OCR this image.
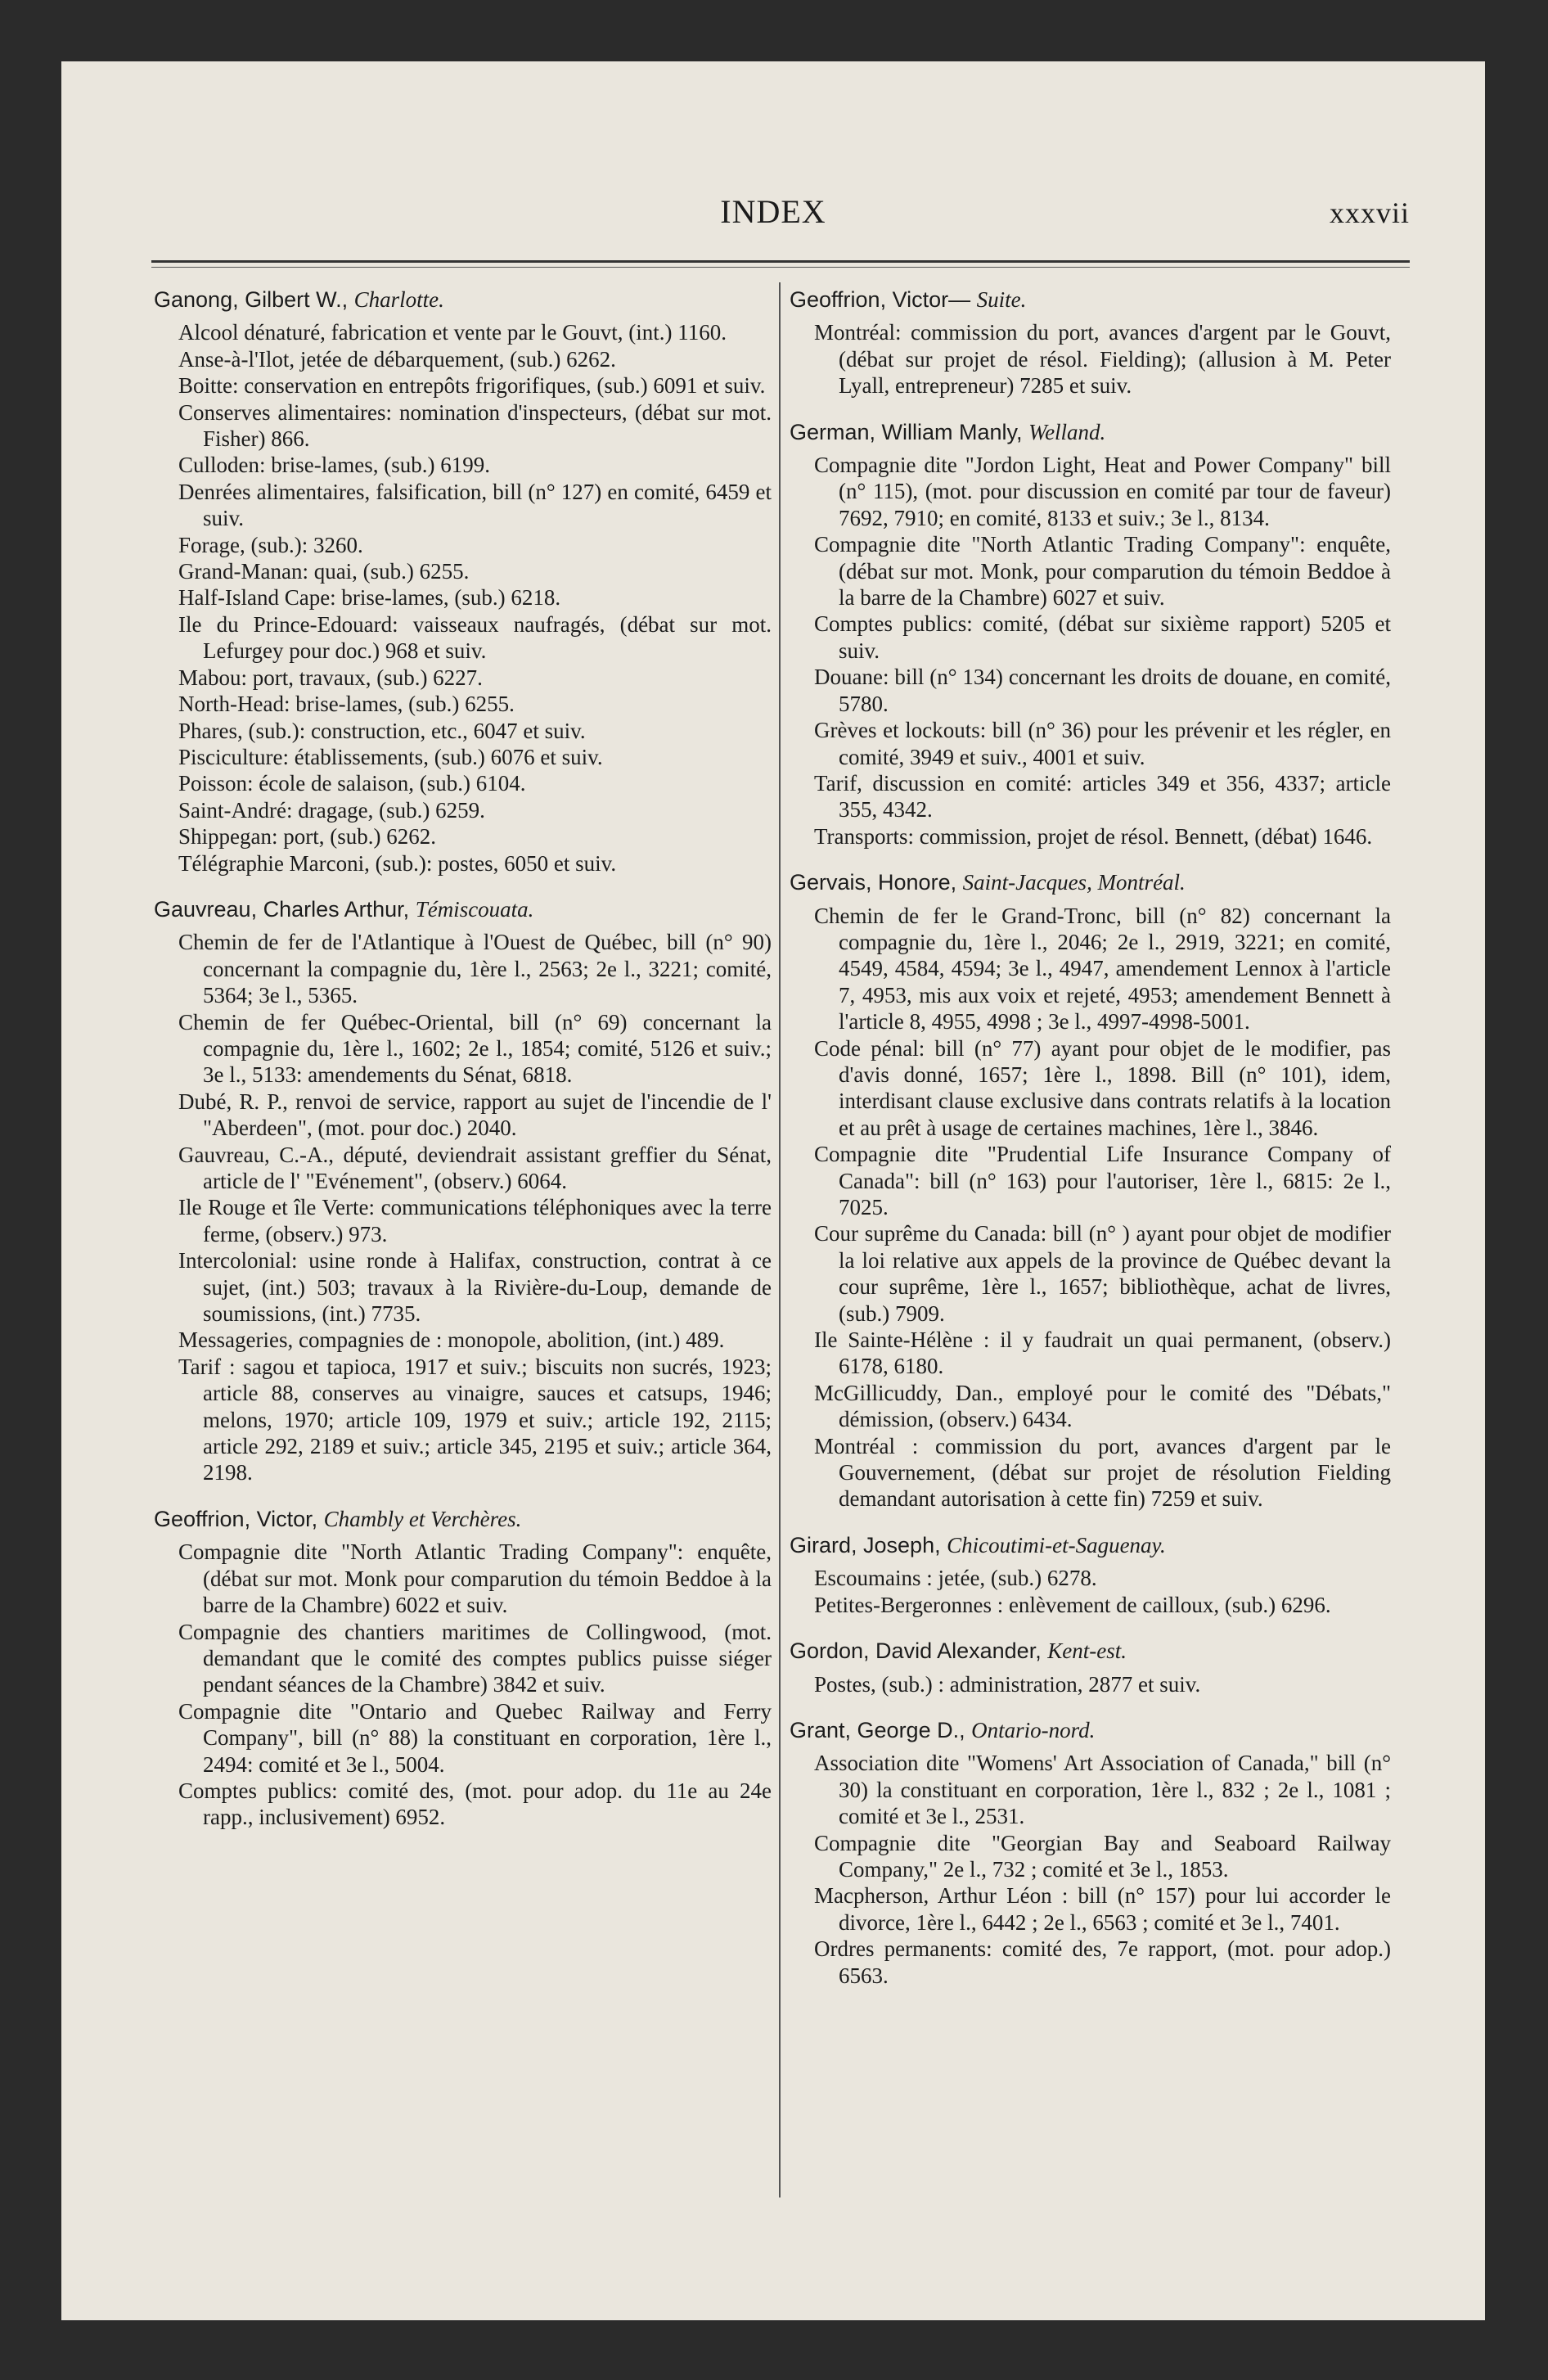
INDEX	xxxvii
Ganong, Gilbert W., Charlotte.
Alcool dénaturé, fabrication et vente par le Gouvt, (int.) 1160.
Anse-à-l'Ilot, jetée de débarquement, (sub.) 6262.
Boitte: conservation en entrepôts frigorifiques, (sub.) 6091 et suiv.
Conserves alimentaires: nomination d'inspecteurs, (débat sur mot. Fisher) 866.
Culloden: brise-lames, (sub.) 6199.
Denrées alimentaires, falsification, bill (n° 127) en comité, 6459 et suiv.
Forage, (sub.): 3260.
Grand-Manan: quai, (sub.) 6255.
Half-Island Cape: brise-lames, (sub.) 6218.
Ile du Prince-Edouard: vaisseaux naufragés, (débat sur mot. Lefurgey pour doc.) 968 et suiv.
Mabou: port, travaux, (sub.) 6227.
North-Head: brise-lames, (sub.) 6255.
Phares, (sub.): construction, etc., 6047 et suiv.
Pisciculture: établissements, (sub.) 6076 et suiv.
Poisson: école de salaison, (sub.) 6104.
Saint-André: dragage, (sub.) 6259.
Shippegan: port, (sub.) 6262.
Télégraphie Marconi, (sub.): postes, 6050 et suiv.
Gauvreau, Charles Arthur, Témiscouata.
Chemin de fer de l'Atlantique à l'Ouest de Québec, bill (n° 90) concernant la compagnie du, 1ère l., 2563; 2e l., 3221; comité, 5364; 3e l., 5365.
Chemin de fer Québec-Oriental, bill (n° 69) concernant la compagnie du, 1ère l., 1602; 2e l., 1854; comité, 5126 et suiv.; 3e l., 5133: amendements du Sénat, 6818.
Dubé, R. P., renvoi de service, rapport au sujet de l'incendie de l' "Aberdeen", (mot. pour doc.) 2040.
Gauvreau, C.-A., député, deviendrait assistant greffier du Sénat, article de l' "Evénement", (observ.) 6064.
Ile Rouge et île Verte: communications téléphoniques avec la terre ferme, (observ.) 973.
Intercolonial: usine ronde à Halifax, construction, contrat à ce sujet, (int.) 503; travaux à la Rivière-du-Loup, demande de soumissions, (int.) 7735.
Messageries, compagnies de : monopole, abolition, (int.) 489.
Tarif : sagou et tapioca, 1917 et suiv.; biscuits non sucrés, 1923; article 88, conserves au vinaigre, sauces et catsups, 1946; melons, 1970; article 109, 1979 et suiv.; article 192, 2115; article 292, 2189 et suiv.; article 345, 2195 et suiv.; article 364, 2198.
Geoffrion, Victor, Chambly et Verchères.
Compagnie dite "North Atlantic Trading Company": enquête, (débat sur mot. Monk pour comparution du témoin Beddoe à la barre de la Chambre) 6022 et suiv.
Compagnie des chantiers maritimes de Collingwood, (mot. demandant que le comité des comptes publics puisse siéger pendant séances de la Chambre) 3842 et suiv.
Compagnie dite "Ontario and Quebec Railway and Ferry Company", bill (n° 88) la constituant en corporation, 1ère l., 2494: comité et 3e l., 5004.
Comptes publics: comité des, (mot. pour adop. du 11e au 24e rapp., inclusivement) 6952.
Geoffrion, Victor— Suite.
Montréal: commission du port, avances d'argent par le Gouvt, (débat sur projet de résol. Fielding); (allusion à M. Peter Lyall, entrepreneur) 7285 et suiv.
German, William Manly, Welland.
Compagnie dite "Jordon Light, Heat and Power Company" bill (n° 115), (mot. pour discussion en comité par tour de faveur) 7692, 7910; en comité, 8133 et suiv.; 3e l., 8134.
Compagnie dite "North Atlantic Trading Company": enquête, (débat sur mot. Monk, pour comparution du témoin Beddoe à la barre de la Chambre) 6027 et suiv.
Comptes publics: comité, (débat sur sixième rapport) 5205 et suiv.
Douane: bill (n° 134) concernant les droits de douane, en comité, 5780.
Grèves et lockouts: bill (n° 36) pour les prévenir et les régler, en comité, 3949 et suiv., 4001 et suiv.
Tarif, discussion en comité: articles 349 et 356, 4337; article 355, 4342.
Transports: commission, projet de résol. Bennett, (débat) 1646.
Gervais, Honore, Saint-Jacques, Montréal.
Chemin de fer le Grand-Tronc, bill (n° 82) concernant la compagnie du, 1ère l., 2046; 2e l., 2919, 3221; en comité, 4549, 4584, 4594; 3e l., 4947, amendement Lennox à l'article 7, 4953, mis aux voix et rejeté, 4953; amendement Bennett à l'article 8, 4955, 4998 ; 3e l., 4997-4998-5001.
Code pénal: bill (n° 77) ayant pour objet de le modifier, pas d'avis donné, 1657; 1ère l., 1898. Bill (n° 101), idem, interdisant clause exclusive dans contrats relatifs à la location et au prêt à usage de certaines machines, 1ère l., 3846.
Compagnie dite "Prudential Life Insurance Company of Canada": bill (n° 163) pour l'autoriser, 1ère l., 6815: 2e l., 7025.
Cour suprême du Canada: bill (n° ) ayant pour objet de modifier la loi relative aux appels de la province de Québec devant la cour suprême, 1ère l., 1657; bibliothèque, achat de livres, (sub.) 7909.
Ile Sainte-Hélène : il y faudrait un quai permanent, (observ.) 6178, 6180.
McGillicuddy, Dan., employé pour le comité des "Débats," démission, (observ.) 6434.
Montréal : commission du port, avances d'argent par le Gouvernement, (débat sur projet de résolution Fielding demandant autorisation à cette fin) 7259 et suiv.
Girard, Joseph, Chicoutimi-et-Saguenay.
Escoumains : jetée, (sub.) 6278.
Petites-Bergeronnes : enlèvement de cailloux, (sub.) 6296.
Gordon, David Alexander, Kent-est.
Postes, (sub.) : administration, 2877 et suiv.
Grant, George D., Ontario-nord.
Association dite "Womens' Art Association of Canada," bill (n° 30) la constituant en corporation, 1ère l., 832 ; 2e l., 1081 ; comité et 3e l., 2531.
Compagnie dite "Georgian Bay and Seaboard Railway Company," 2e l., 732 ; comité et 3e l., 1853.
Macpherson, Arthur Léon : bill (n° 157) pour lui accorder le divorce, 1ère l., 6442 ; 2e l., 6563 ; comité et 3e l., 7401.
Ordres permanents: comité des, 7e rapport, (mot. pour adop.) 6563.
